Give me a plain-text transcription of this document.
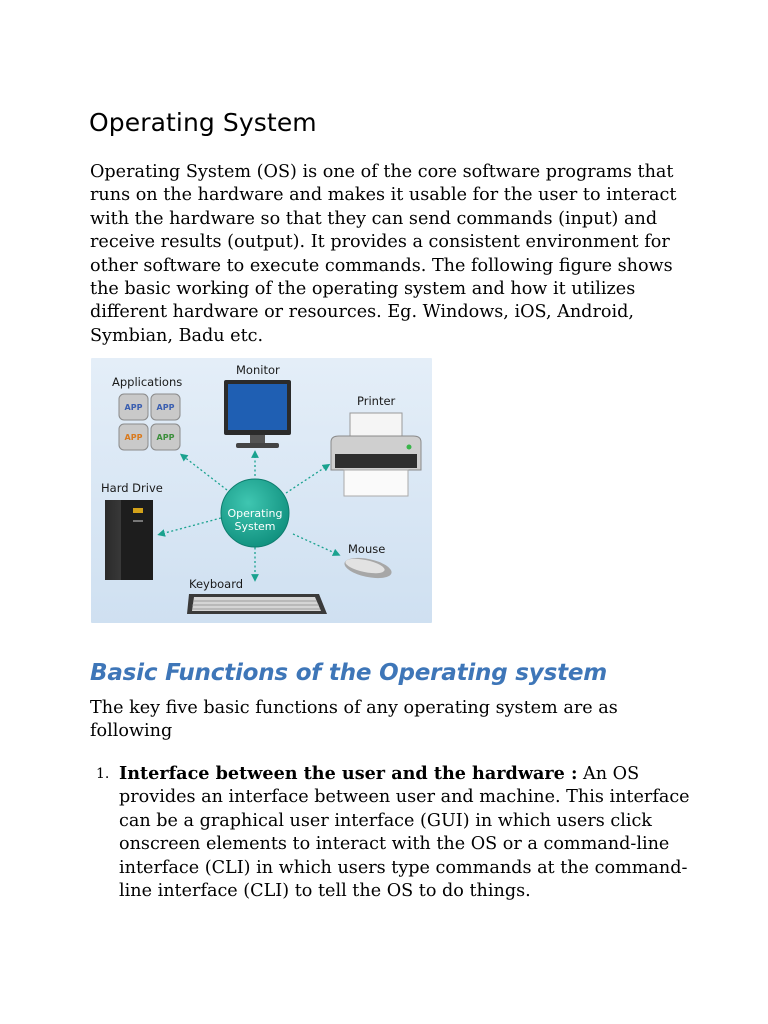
Operating System

Operating System (OS) is one of the core software programs that runs on the hardware and makes it usable for the user to interact with the hardware so that they can send commands (input) and receive results (output). It provides a consistent environment for other software to execute commands. The following figure shows the basic working of the operating system and how it utilizes different hardware or resources. Eg. Windows, iOS, Android, Symbian, Badu etc.

Applications
APP APP
APP APP
Monitor
Printer
Hard Drive
Operating
System
Mouse
Keyboard
Basic Functions of the Operating system

The key five basic functions of any operating system are as following

1. Interface between the user and the hardware : An OS provides an interface between user and machine. This interface can be a graphical user interface (GUI) in which users click onscreen elements to interact with the OS or a command-line interface (CLI) in which users type commands at the command-line interface (CLI) to tell the OS to do things.
